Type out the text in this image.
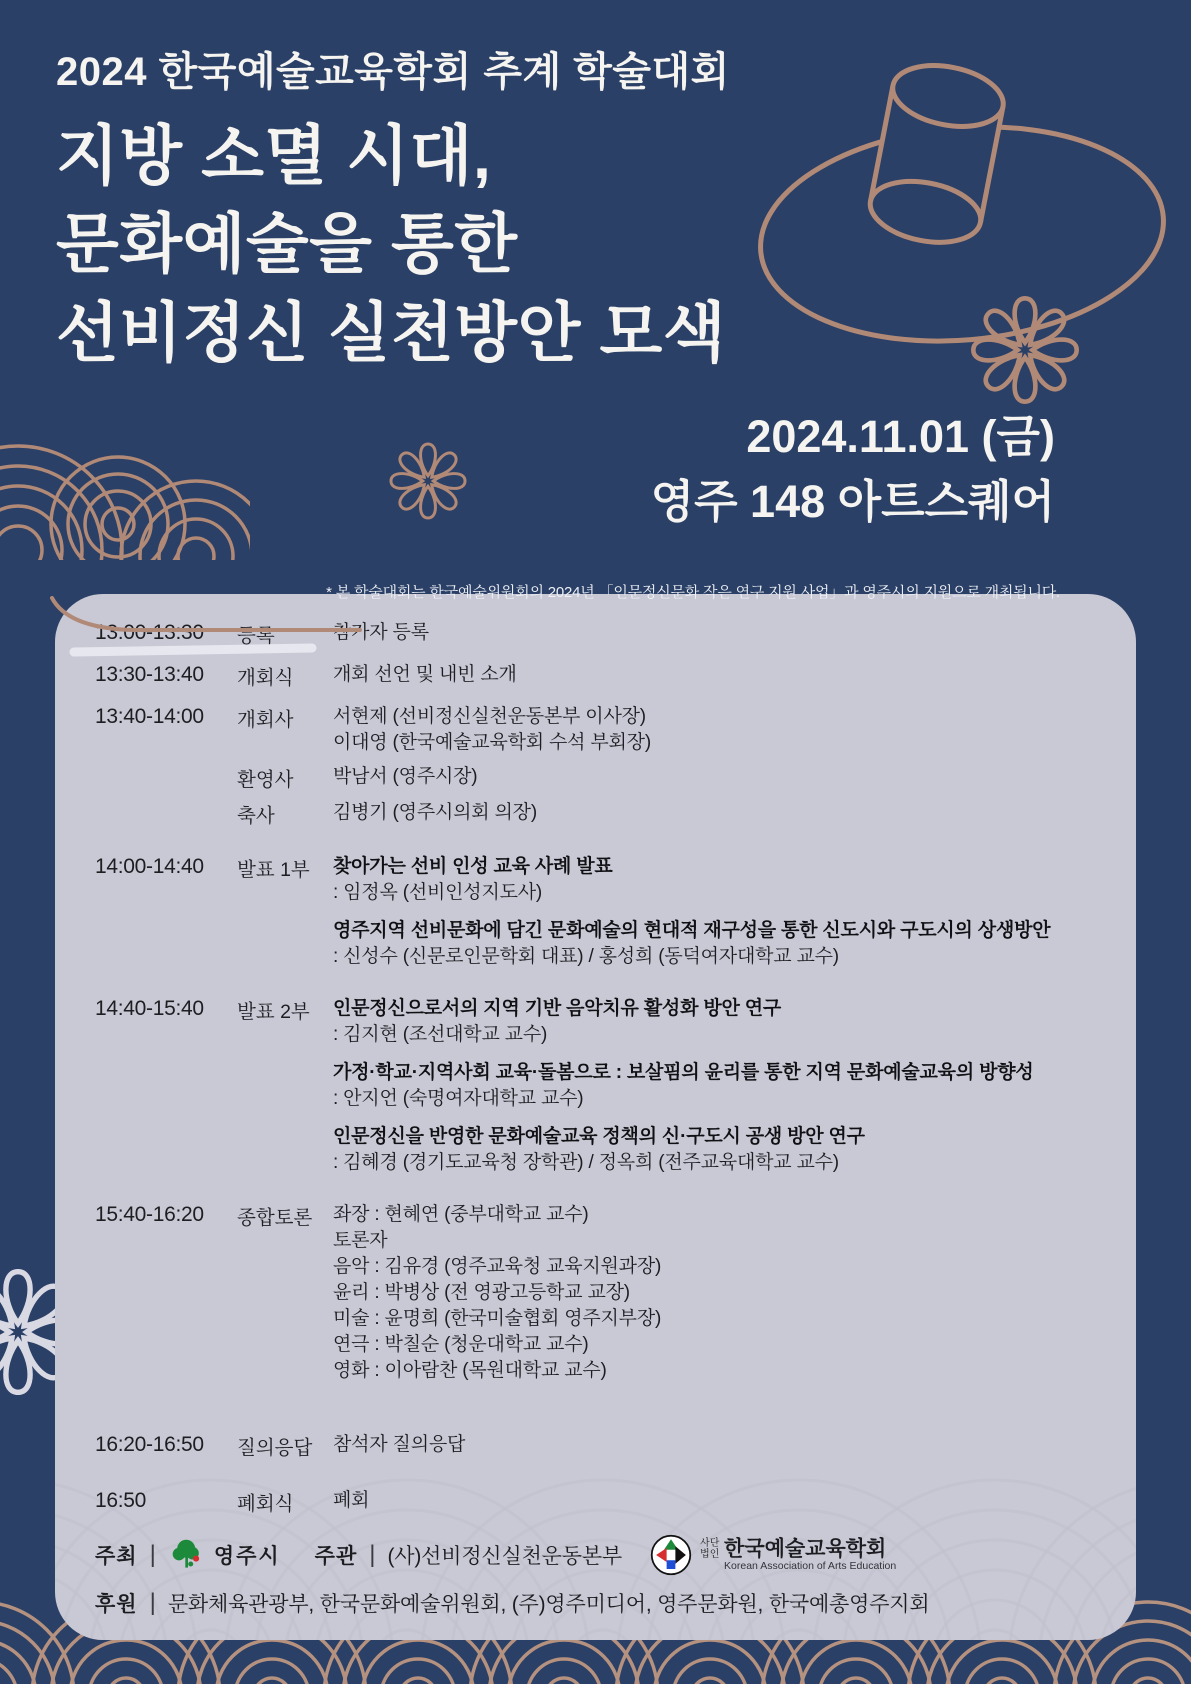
2024 한국예술교육학회 추계 학술대회
지방 소멸 시대,
문화예술을 통한
선비정신 실천방안 모색
2024.11.01 (금)
영주 148 아트스퀘어
* 본 학술대회는 한국예술위원회의 2024년 「인문정신문화 작은 연구 지원 사업」과 영주시의 지원으로 개최됩니다.
13:00-13:30	등록	참가자 등록
13:30-13:40	개회식	개회 선언 및 내빈 소개
13:40-14:00	개회사	서현제 (선비정신실천운동본부 이사장)
이대영 (한국예술교육학회 수석 부회장)
환영사	박남서 (영주시장)
축사	김병기 (영주시의회 의장)
14:00-14:40	발표 1부	찾아가는 선비 인성 교육 사례 발표
: 임정옥 (선비인성지도사)
영주지역 선비문화에 담긴 문화예술의 현대적 재구성을 통한 신도시와 구도시의 상생방안
: 신성수 (신문로인문학회 대표) / 홍성희 (동덕여자대학교 교수)
14:40-15:40	발표 2부	인문정신으로서의 지역 기반 음악치유 활성화 방안 연구
: 김지현 (조선대학교 교수)
가정·학교·지역사회 교육·돌봄으로 : 보살핌의 윤리를 통한 지역 문화예술교육의 방향성
: 안지언 (숙명여자대학교 교수)
인문정신을 반영한 문화예술교육 정책의 신·구도시 공생 방안 연구
: 김혜경 (경기도교육청 장학관) / 정옥희 (전주교육대학교 교수)
15:40-16:20	종합토론	좌장 : 현혜연 (중부대학교 교수)
토론자
음악 : 김유경 (영주교육청 교육지원과장)
윤리 : 박병상 (전 영광고등학교 교장)
미술 : 윤명희 (한국미술협회 영주지부장)
연극 : 박칠순 (청운대학교 교수)
영화 : 이아람찬 (목원대학교 교수)
16:20-16:50	질의응답	참석자 질의응답
16:50	폐회식	폐회
주최 |	영주시 주관 | (사)선비정신실천운동본부
사단법인 한국예술교육학회
Korean Association of Arts Education
후원 | 문화체육관광부, 한국문화예술위원회, (주)영주미디어, 영주문화원, 한국예총영주지회
